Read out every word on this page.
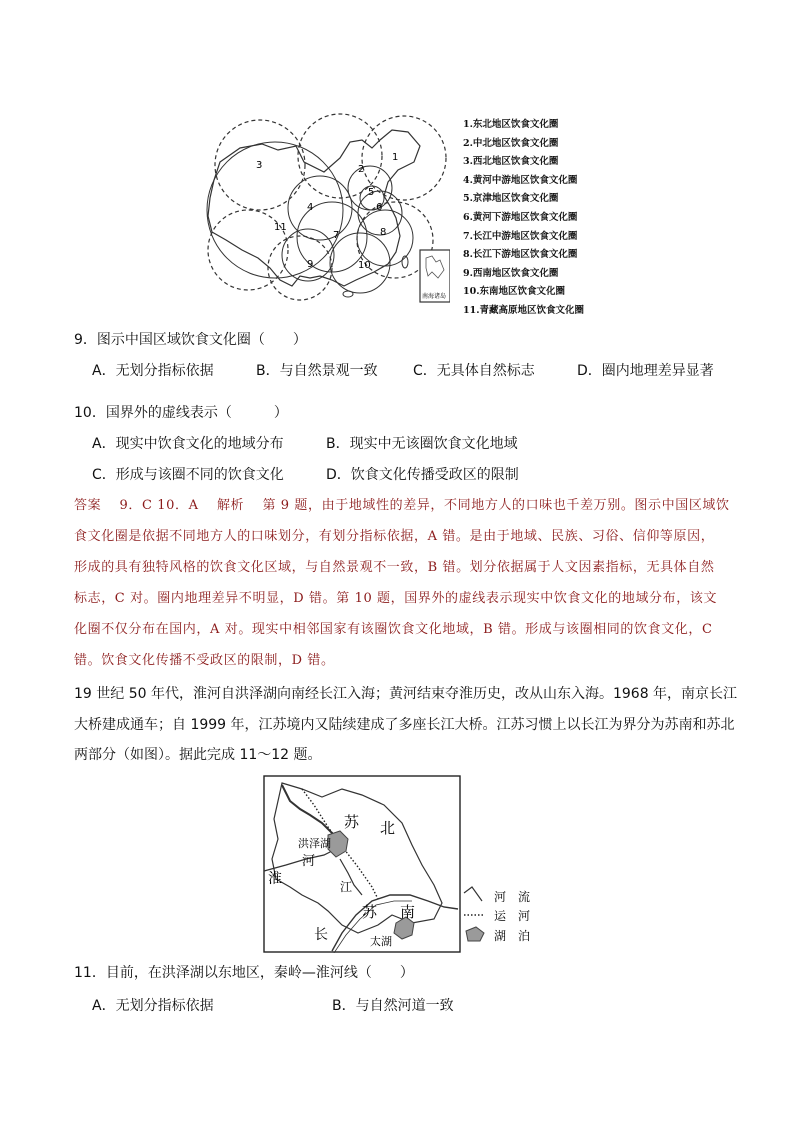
1
2
3
4
5
6
7	8
9	10
11
南海诸岛
1.东北地区饮食文化圈
2.中北地区饮食文化圈
3.西北地区饮食文化圈
4.黄河中游地区饮食文化圈
5.京津地区饮食文化圈
6.黄河下游地区饮食文化圈
7.长江中游地区饮食文化圈
8.长江下游地区饮食文化圈
9.西南地区饮食文化圈
10.东南地区饮食文化圈
11.青藏高原地区饮食文化圈
9．图示中国区域饮食文化圈（　　）
A．无划分指标依据	B．与自然景观一致	C．无具体自然标志	D．圈内地理差异显著
10．国界外的虚线表示（　　　）
A．现实中饮食文化的地域分布	B．现实中无该圈饮食文化地域
C．形成与该圈不同的饮食文化	D．饮食文化传播受政区的限制
答案　 9．C 10．A　 解析　 第 9 题，由于地域性的差异，不同地方人的口味也千差万别。图示中国区域饮
食文化圈是依据不同地方人的口味划分，有划分指标依据，A 错。是由于地域、民族、习俗、信仰等原因，
形成的具有独特风格的饮食文化区域，与自然景观不一致，B 错。划分依据属于人文因素指标，无具体自然
标志，C 对。圈内地理差异不明显，D 错。第 10 题，国界外的虚线表示现实中饮食文化的地域分布，该文
化圈不仅分布在国内，A 对。现实中相邻国家有该圈饮食文化地域，B 错。形成与该圈相同的饮食文化，C
错。饮食文化传播不受政区的限制，D 错。
19 世纪 50 年代，淮河自洪泽湖向南经长江入海；黄河结束夺淮历史，改从山东入海。1968 年，南京长江
大桥建成通车；自 1999 年，江苏境内又陆续建成了多座长江大桥。江苏习惯上以长江为界分为苏南和苏北
两部分（如图）。据此完成 11～12 题。
苏 北
洪泽湖
河
淮	江
长
苏 南
太湖
河　流
运　河
湖　泊
11．目前，在洪泽湖以东地区，秦岭—淮河线（　　）
A．无划分指标依据	B．与自然河道一致
